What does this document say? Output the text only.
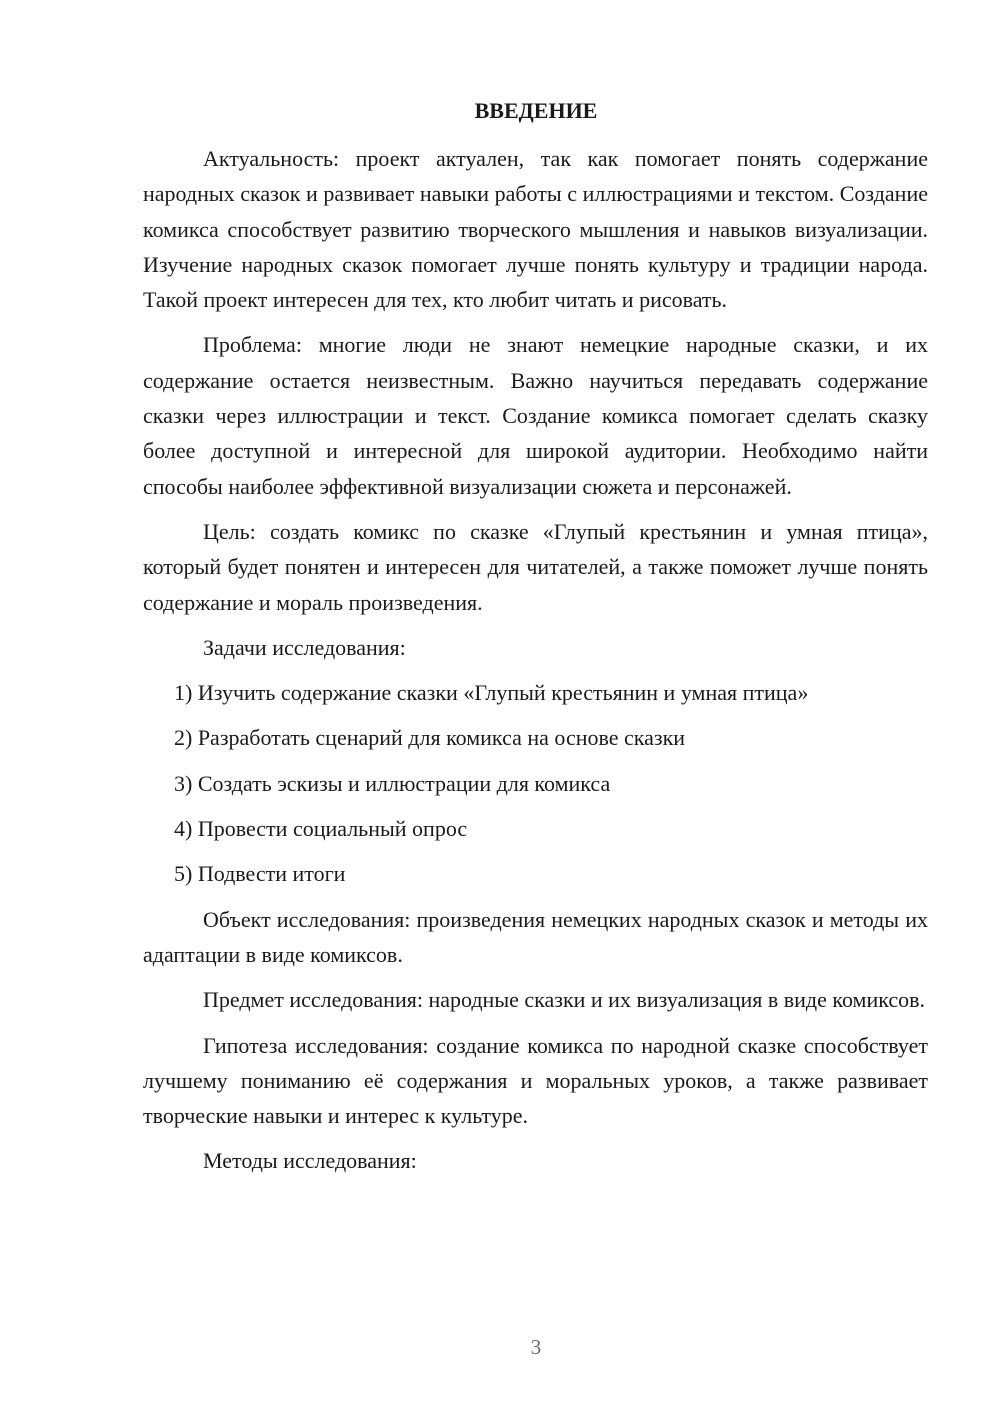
ВВЕДЕНИЕ

Актуальность: проект актуален, так как помогает понять содержание народных сказок и развивает навыки работы с иллюстрациями и текстом. Создание комикса способствует развитию творческого мышления и навыков визуализации. Изучение народных сказок помогает лучше понять культуру и традиции народа. Такой проект интересен для тех, кто любит читать и рисовать.

Проблема: многие люди не знают немецкие народные сказки, и их содержание остается неизвестным. Важно научиться передавать содержание сказки через иллюстрации и текст. Создание комикса помогает сделать сказку более доступной и интересной для широкой аудитории. Необходимо найти способы наиболее эффективной визуализации сюжета и персонажей.

Цель: создать комикс по сказке «Глупый крестьянин и умная птица», который будет понятен и интересен для читателей, а также поможет лучше понять содержание и мораль произведения.

Задачи исследования:

1) Изучить содержание сказки «Глупый крестьянин и умная птица»
2) Разработать сценарий для комикса на основе сказки
3) Создать эскизы и иллюстрации для комикса
4) Провести социальный опрос
5) Подвести итоги

Объект исследования: произведения немецких народных сказок и методы их адаптации в виде комиксов.

Предмет исследования: народные сказки и их визуализация в виде комиксов.

Гипотеза исследования: создание комикса по народной сказке способствует лучшему пониманию её содержания и моральных уроков, а также развивает творческие навыки и интерес к культуре.

Методы исследования:

3
